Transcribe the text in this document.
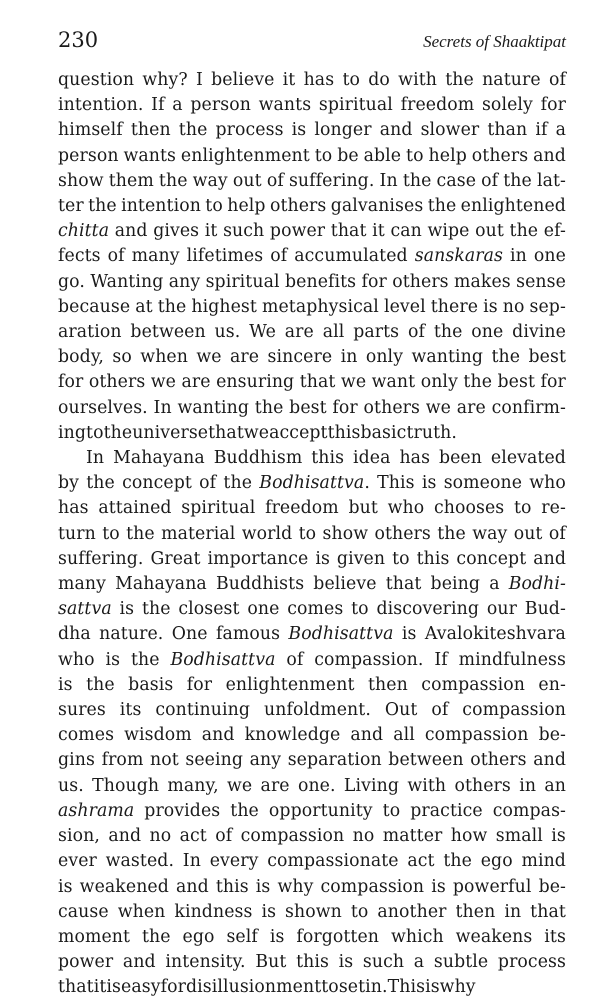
230	Secrets of Shaaktipat
question why? I believe it has to do with the nature of
intention. If a person wants spiritual freedom solely for
himself then the process is longer and slower than if a
person wants enlightenment to be able to help others and
show them the way out of suffering. In the case of the lat-
ter the intention to help others galvanises the enlightened
chitta and gives it such power that it can wipe out the ef-
fects of many lifetimes of accumulated sanskaras in one
go. Wanting any spiritual benefits for others makes sense
because at the highest metaphysical level there is no sep-
aration between us. We are all parts of the one divine
body, so when we are sincere in only wanting the best
for others we are ensuring that we want only the best for
ourselves. In wanting the best for others we are confirm-
ing to the universe that we accept this basic truth.
In Mahayana Buddhism this idea has been elevated
by the concept of the Bodhisattva. This is someone who
has attained spiritual freedom but who chooses to re-
turn to the material world to show others the way out of
suffering. Great importance is given to this concept and
many Mahayana Buddhists believe that being a Bodhi-
sattva is the closest one comes to discovering our Bud-
dha nature. One famous Bodhisattva is Avalokiteshvara
who is the Bodhisattva of compassion. If mindfulness
is the basis for enlightenment then compassion en-
sures its continuing unfoldment. Out of compassion
comes wisdom and knowledge and all compassion be-
gins from not seeing any separation between others and
us. Though many, we are one. Living with others in an
ashrama provides the opportunity to practice compas-
sion, and no act of compassion no matter how small is
ever wasted. In every compassionate act the ego mind
is weakened and this is why compassion is powerful be-
cause when kindness is shown to another then in that
moment the ego self is forgotten which weakens its
power and intensity. But this is such a subtle process
that it is easy for disillusionment to set in. This is why
